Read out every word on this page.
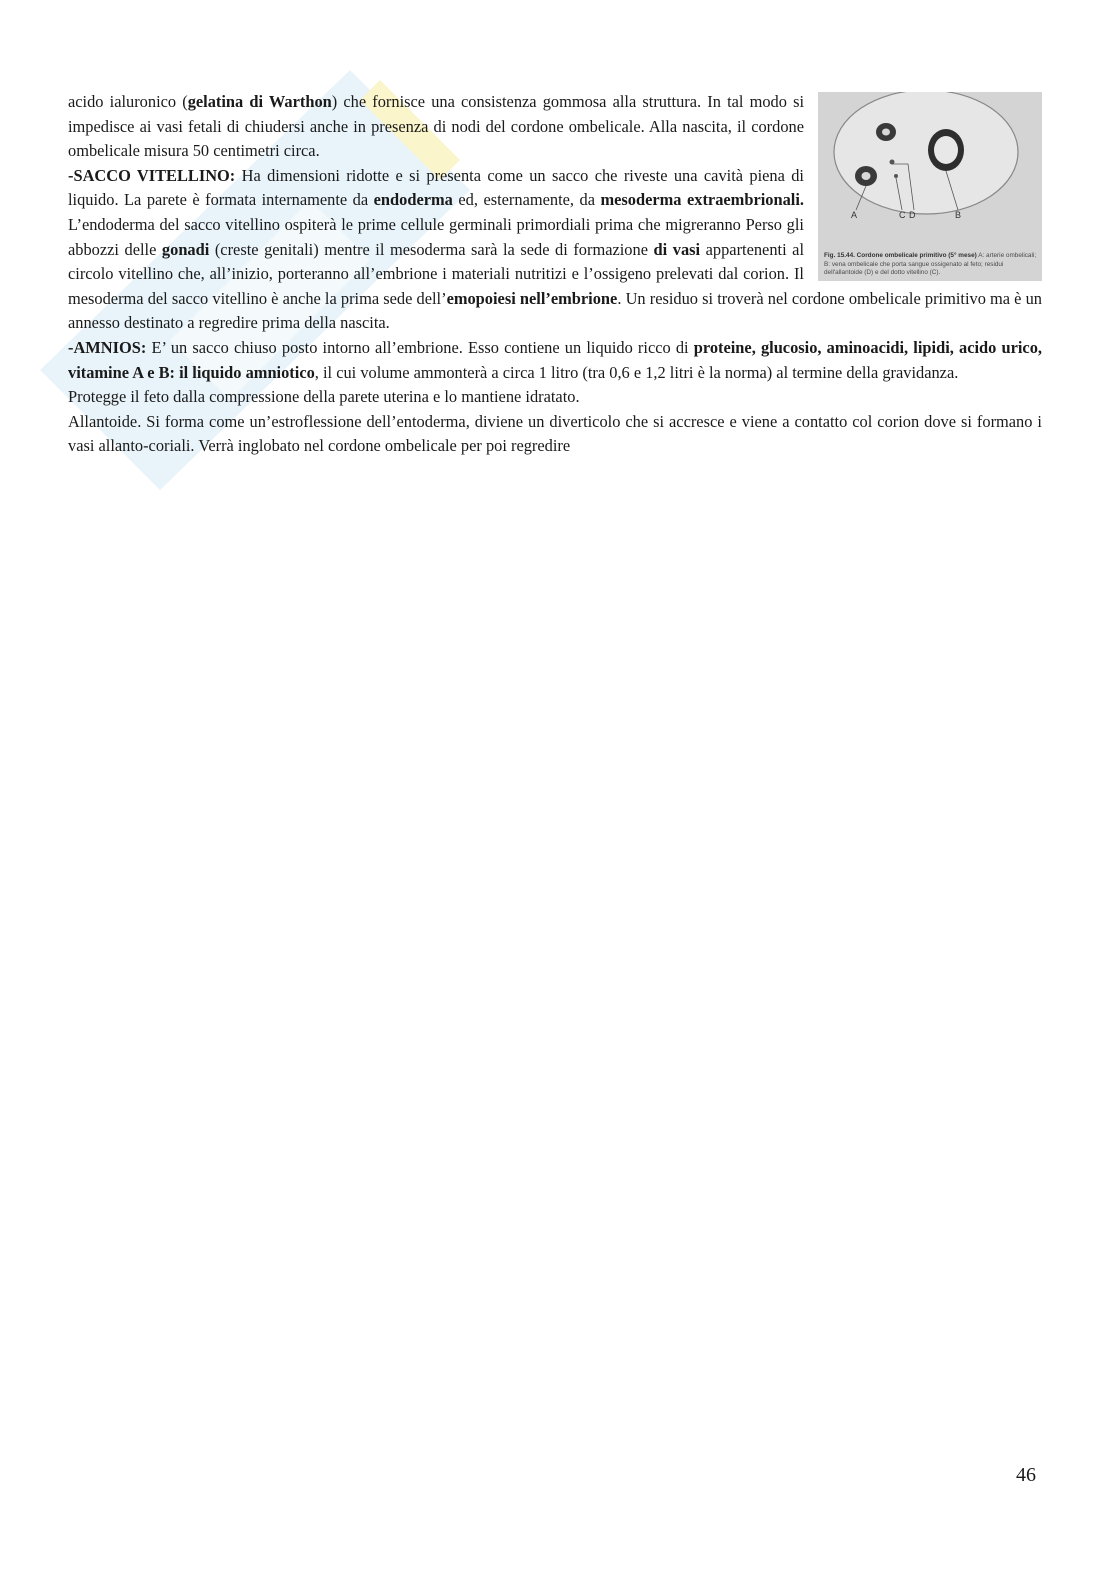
A	C D	B
Fig. 15.44. Cordone ombelicale primitivo (5° mese) A: arterie ombelicali; B: vena ombelicale che porta sangue ossigenato al feto; residui dell'allantoide (D) e del dotto vitellino (C).

acido ialuronico (gelatina di Warthon) che fornisce una consistenza gommosa alla struttura. In tal modo si impedisce ai vasi fetali di chiudersi anche in presenza di nodi del cordone ombelicale. Alla nascita, il cordone ombelicale misura 50 centimetri circa.

-SACCO VITELLINO: Ha dimensioni ridotte e si presenta come un sacco che riveste una cavità piena di liquido. La parete è formata internamente da endoderma ed, esternamente, da mesoderma extraembrionali. L’endoderma del sacco vitellino ospiterà le prime cellule germinali primordiali prima che migreranno Perso gli abbozzi delle gonadi (creste genitali) mentre il mesoderma sarà la sede di formazione di vasi appartenenti al circolo vitellino che, all’inizio, porteranno all’embrione i materiali nutritizi e l’ossigeno prelevati dal corion. Il mesoderma del sacco vitellino è anche la prima sede dell’emopoiesi nell’embrione. Un residuo si troverà nel cordone ombelicale primitivo ma è un annesso destinato a regredire prima della nascita.

-AMNIOS: E’ un sacco chiuso posto intorno all’embrione. Esso contiene un liquido ricco di proteine, glucosio, aminoacidi, lipidi, acido urico, vitamine A e B: il liquido amniotico, il cui volume ammonterà a circa 1 litro (tra 0,6 e 1,2 litri è la norma) al termine della gravidanza.

Protegge il feto dalla compressione della parete uterina e lo mantiene idratato.

Allantoide. Si forma come un’estroflessione dell’entoderma, diviene un diverticolo che si accresce e viene a contatto col corion dove si formano i vasi allanto-coriali. Verrà inglobato nel cordone ombelicale per poi regredire

46
